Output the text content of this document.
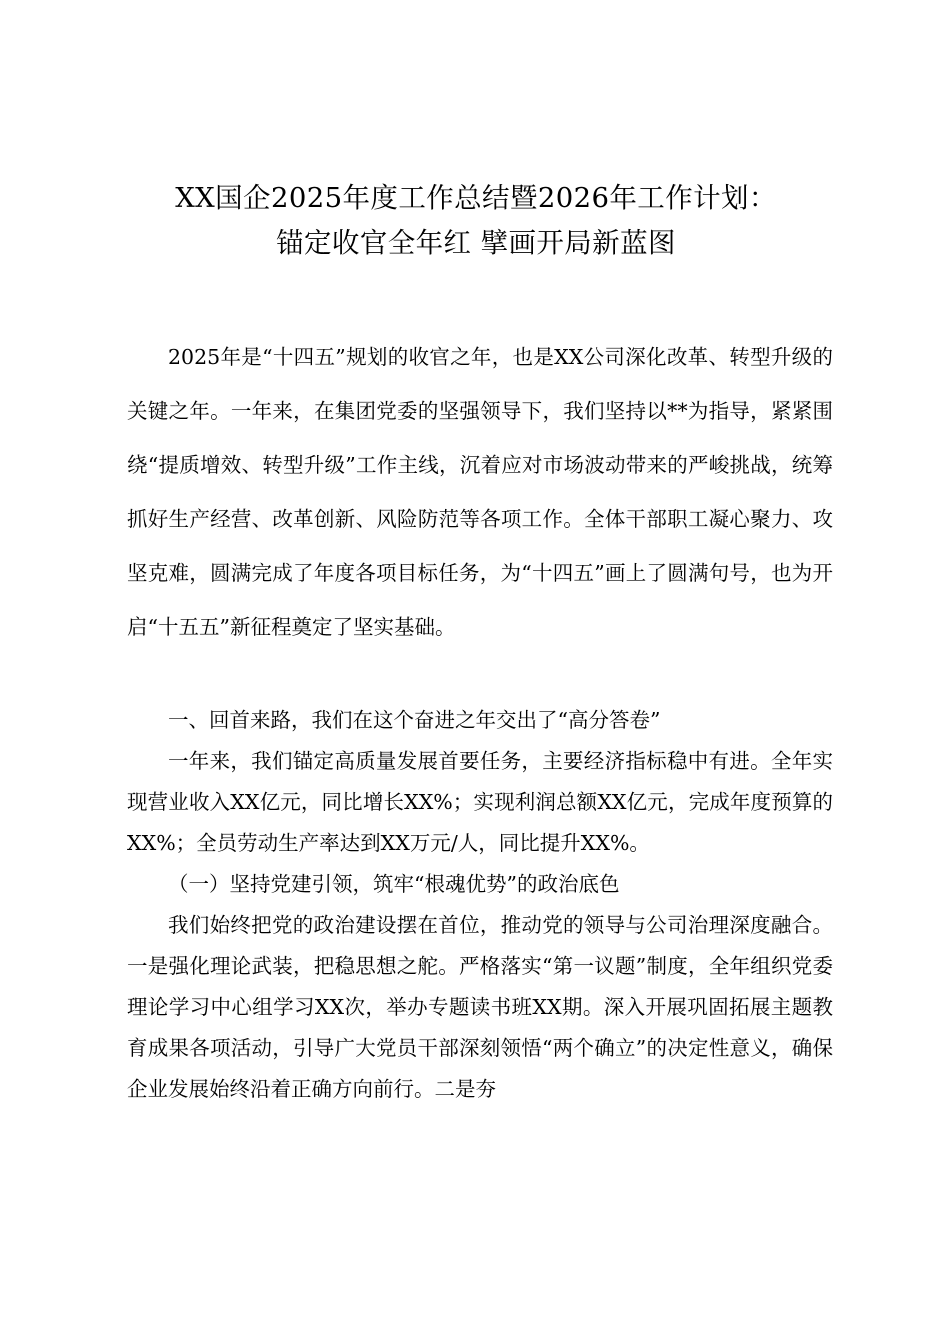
XX国企2025年度工作总结暨2026年工作计划：
锚定收官全年红 擘画开局新蓝图

2025年是“十四五”规划的收官之年，也是XX公司深化改革、转型升级的关键之年。一年来，在集团党委的坚强领导下，我们坚持以**为指导，紧紧围绕“提质增效、转型升级”工作主线，沉着应对市场波动带来的严峻挑战，统筹抓好生产经营、改革创新、风险防范等各项工作。全体干部职工凝心聚力、攻坚克难，圆满完成了年度各项目标任务，为“十四五”画上了圆满句号，也为开启“十五五”新征程奠定了坚实基础。

一、回首来路，我们在这个奋进之年交出了“高分答卷”

一年来，我们锚定高质量发展首要任务，主要经济指标稳中有进。全年实现营业收入XX亿元，同比增长XX%；实现利润总额XX亿元，完成年度预算的XX%；全员劳动生产率达到XX万元/人，同比提升XX%。

（一）坚持党建引领，筑牢“根魂优势”的政治底色

我们始终把党的政治建设摆在首位，推动党的领导与公司治理深度融合。一是强化理论武装，把稳思想之舵。严格落实“第一议题”制度，全年组织党委理论学习中心组学习XX次，举办专题读书班XX期。深入开展巩固拓展主题教育成果各项活动，引导广大党员干部深刻领悟“两个确立”的决定性意义，确保企业发展始终沿着正确方向前行。二是夯
